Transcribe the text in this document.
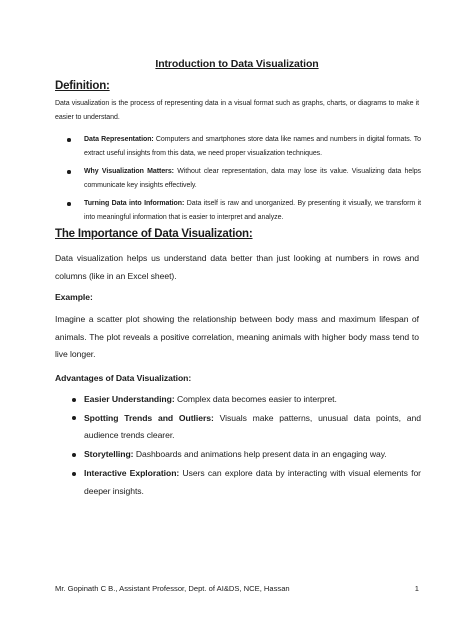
Introduction to Data Visualization
Definition:
Data visualization is the process of representing data in a visual format such as graphs, charts, or diagrams to make it easier to understand.
Data Representation: Computers and smartphones store data like names and numbers in digital formats. To extract useful insights from this data, we need proper visualization techniques.
Why Visualization Matters: Without clear representation, data may lose its value. Visualizing data helps communicate key insights effectively.
Turning Data into Information: Data itself is raw and unorganized. By presenting it visually, we transform it into meaningful information that is easier to interpret and analyze.
The Importance of Data Visualization:
Data visualization helps us understand data better than just looking at numbers in rows and columns (like in an Excel sheet).
Example:
Imagine a scatter plot showing the relationship between body mass and maximum lifespan of animals. The plot reveals a positive correlation, meaning animals with higher body mass tend to live longer.
Advantages of Data Visualization:
Easier Understanding: Complex data becomes easier to interpret.
Spotting Trends and Outliers: Visuals make patterns, unusual data points, and audience trends clearer.
Storytelling: Dashboards and animations help present data in an engaging way.
Interactive Exploration: Users can explore data by interacting with visual elements for deeper insights.
Mr. Gopinath C B., Assistant Professor, Dept. of AI&DS, NCE, Hassan	1
